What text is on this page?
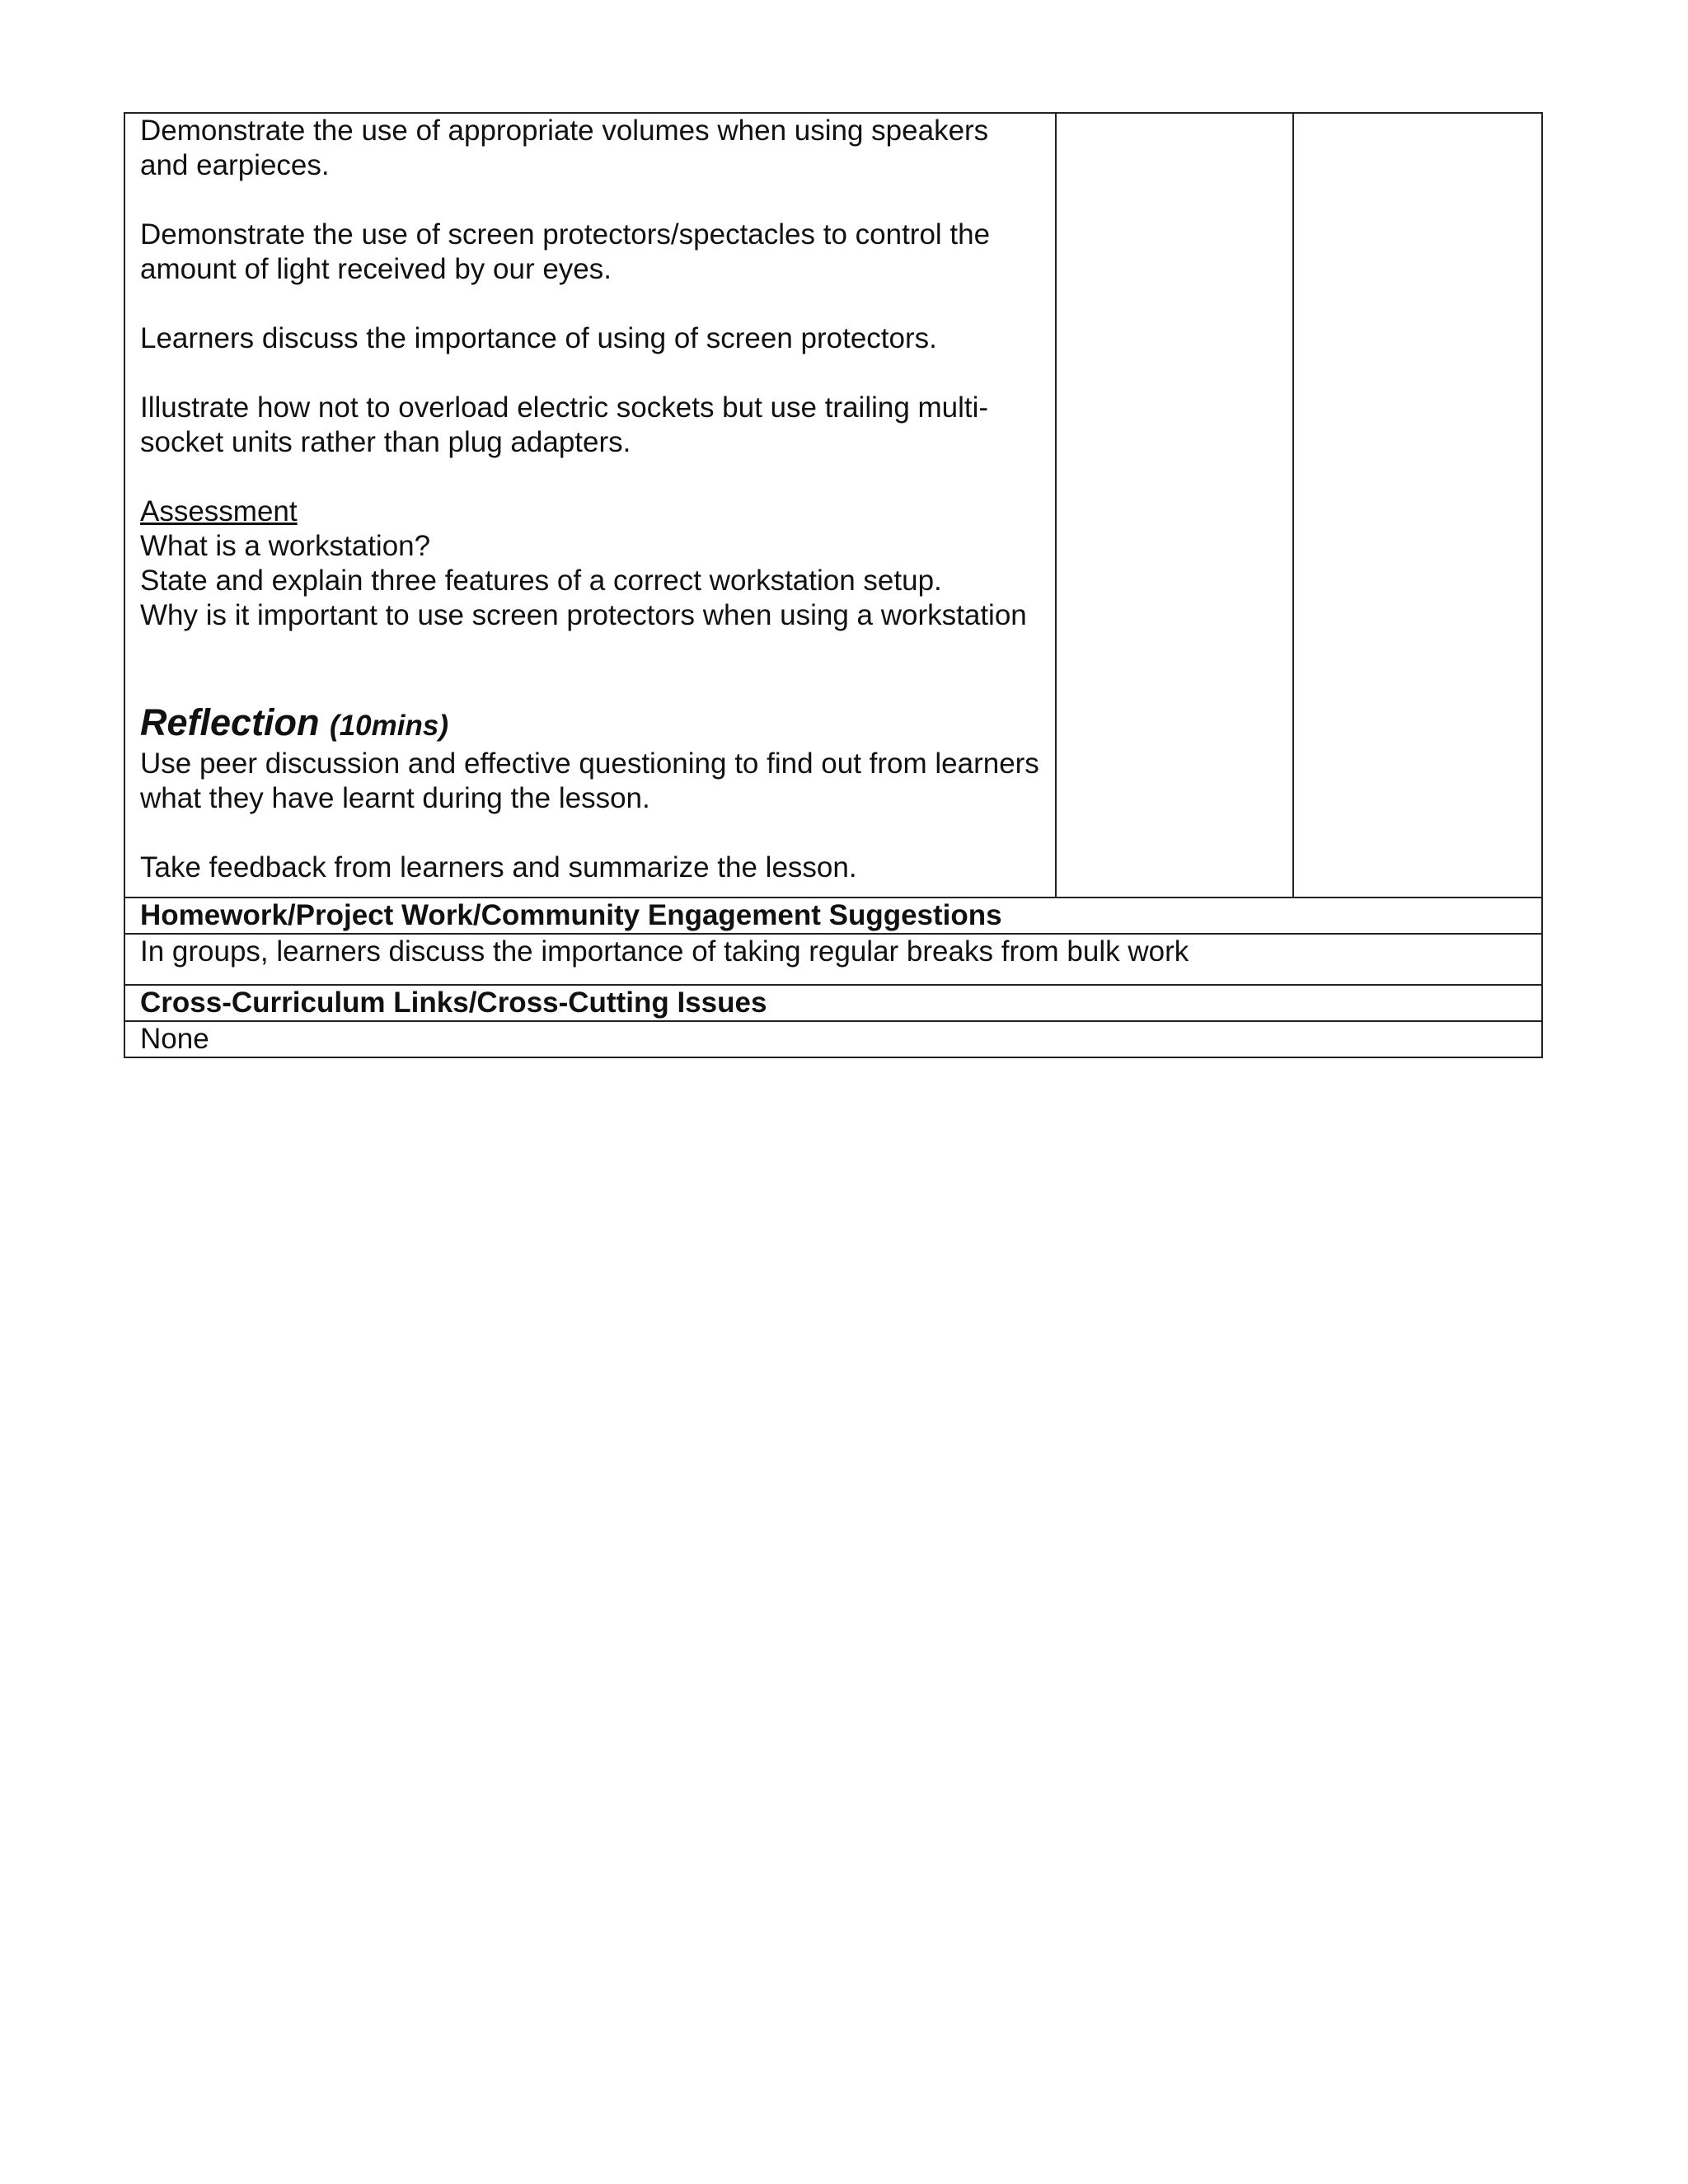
Demonstrate the use of appropriate volumes when using speakers and earpieces.

Demonstrate the use of screen protectors/spectacles to control the amount of light received by our eyes.

Learners discuss the importance of using of screen protectors.

Illustrate how not to overload electric sockets but use trailing multi-socket units rather than plug adapters.

Assessment
What is a workstation?
State and explain three features of a correct workstation setup.
Why is it important to use screen protectors when using a workstation
Reflection (10mins)

Use peer discussion and effective questioning to find out from learners what they have learnt during the lesson.

Take feedback from learners and summarize the lesson.

Homework/Project Work/Community Engagement Suggestions
In groups, learners discuss the importance of taking regular breaks from bulk work
Cross-Curriculum Links/Cross-Cutting Issues
None
